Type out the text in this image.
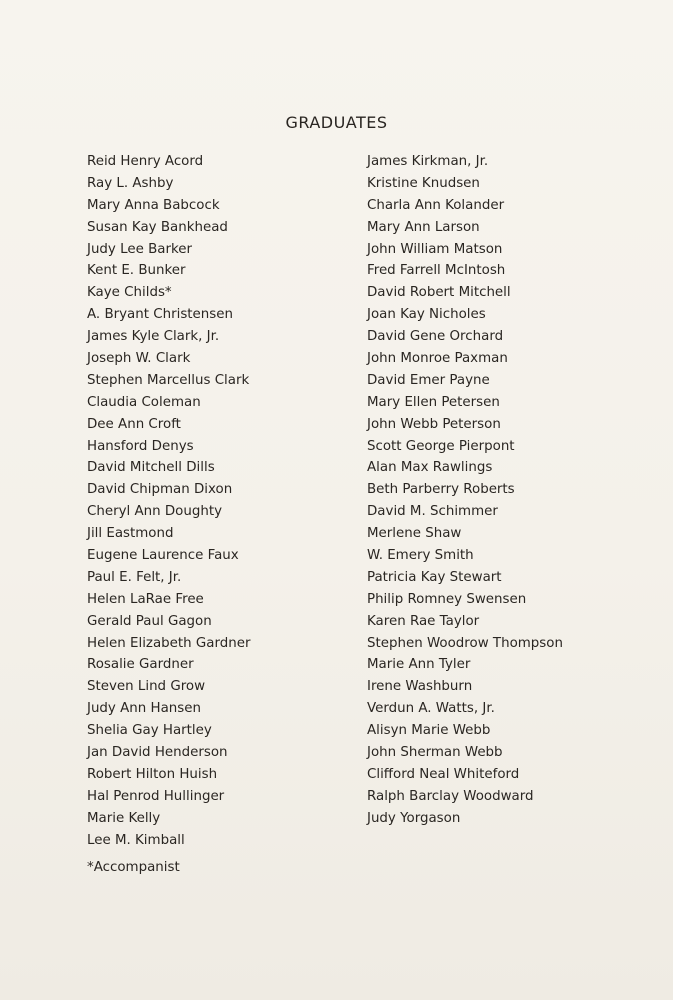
GRADUATES
Reid Henry Acord
Ray L. Ashby
Mary Anna Babcock
Susan Kay Bankhead
Judy Lee Barker
Kent E. Bunker
Kaye Childs*
A. Bryant Christensen
James Kyle Clark, Jr.
Joseph W. Clark
Stephen Marcellus Clark
Claudia Coleman
Dee Ann Croft
Hansford Denys
David Mitchell Dills
David Chipman Dixon
Cheryl Ann Doughty
Jill Eastmond
Eugene Laurence Faux
Paul E. Felt, Jr.
Helen LaRae Free
Gerald Paul Gagon
Helen Elizabeth Gardner
Rosalie Gardner
Steven Lind Grow
Judy Ann Hansen
Shelia Gay Hartley
Jan David Henderson
Robert Hilton Huish
Hal Penrod Hullinger
Marie Kelly
Lee M. Kimball
James Kirkman, Jr.
Kristine Knudsen
Charla Ann Kolander
Mary Ann Larson
John William Matson
Fred Farrell McIntosh
David Robert Mitchell
Joan Kay Nicholes
David Gene Orchard
John Monroe Paxman
David Emer Payne
Mary Ellen Petersen
John Webb Peterson
Scott George Pierpont
Alan Max Rawlings
Beth Parberry Roberts
David M. Schimmer
Merlene Shaw
W. Emery Smith
Patricia Kay Stewart
Philip Romney Swensen
Karen Rae Taylor
Stephen Woodrow Thompson
Marie Ann Tyler
Irene Washburn
Verdun A. Watts, Jr.
Alisyn Marie Webb
John Sherman Webb
Clifford Neal Whiteford
Ralph Barclay Woodward
Judy Yorgason
*Accompanist
